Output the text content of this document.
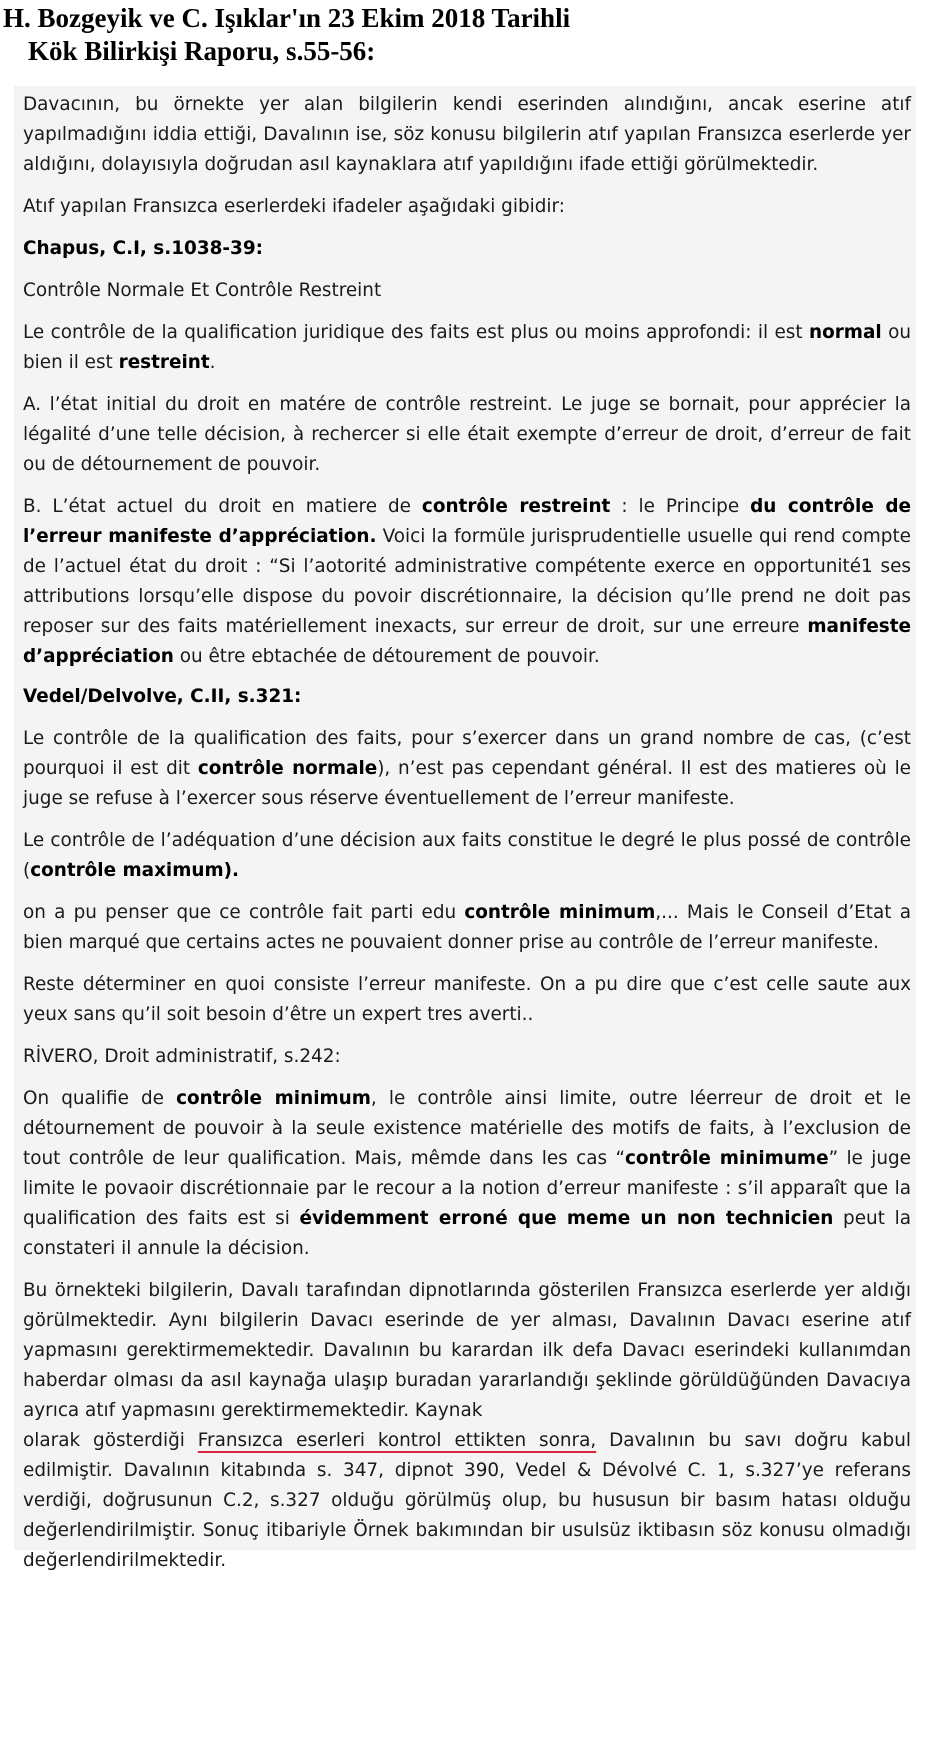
H. Bozgeyik ve C. Işıklar'ın 23 Ekim 2018 Tarihli

Kök Bilirkişi Raporu, s.55-56:

Davacının, bu örnekte yer alan bilgilerin kendi eserinden alındığını, ancak eserine atıf yapılmadığını iddia ettiği, Davalının ise, söz konusu bilgilerin atıf yapılan Fransızca eserlerde yer aldığını, dolayısıyla doğrudan asıl kaynaklara atıf yapıldığını ifade ettiği görülmektedir.

Atıf yapılan Fransızca eserlerdeki ifadeler aşağıdaki gibidir:

Chapus, C.I, s.1038-39:

Contrôle Normale Et Contrôle Restreint

Le contrôle de la qualification juridique des faits est plus ou moins approfondi: il est normal ou bien il est restreint.

A. l’état initial du droit en matére de contrôle restreint. Le juge se bornait, pour apprécier la légalité d’une telle décision, à rechercer si elle était exempte d’erreur de droit, d’erreur de fait ou de détournement de pouvoir.

B. L’état actuel du droit en matiere de contrôle restreint : le Principe du contrôle de l’erreur manifeste d’appréciation. Voici la formüle jurisprudentielle usuelle qui rend compte de l’actuel état du droit : “Si l’aotorité administrative compétente exerce en opportunité1 ses attributions lorsqu’elle dispose du povoir discrétionnaire, la décision qu’lle prend ne doit pas reposer sur des faits matériellement inexacts, sur erreur de droit, sur une erreure manifeste d’appréciation ou être ebtachée de détourement de pouvoir.

Vedel/Delvolve, C.II, s.321:

Le contrôle de la qualification des faits, pour s’exercer dans un grand nombre de cas, (c’est pourquoi il est dit contrôle normale), n’est pas cependant général. Il est des matieres où le juge se refuse à l’exercer sous réserve éventuellement de l’erreur manifeste.

Le contrôle de l’adéquation d’une décision aux faits constitue le degré le plus possé de contrôle (contrôle maximum).

on a pu penser que ce contrôle fait parti edu contrôle minimum,... Mais le Conseil d’Etat a bien marqué que certains actes ne pouvaient donner prise au contrôle de l’erreur manifeste.

Reste déterminer en quoi consiste l’erreur manifeste. On a pu dire que c’est celle saute aux yeux sans qu’il soit besoin d’être un expert tres averti..

RİVERO, Droit administratif, s.242:

On qualifie de contrôle minimum, le contrôle ainsi limite, outre léerreur de droit et le détournement de pouvoir à la seule existence matérielle des motifs de faits, à l’exclusion de tout contrôle de leur qualification. Mais, mêmde dans les cas “contrôle minimume” le juge limite le povaoir discrétionnaie par le recour a la notion d’erreur manifeste : s’il apparaît que la qualification des faits est si évidemment erroné que meme un non technicien peut la constateri il annule la décision.

Bu örnekteki bilgilerin, Davalı tarafından dipnotlarında gösterilen Fransızca eserlerde yer aldığı görülmektedir. Aynı bilgilerin Davacı eserinde de yer alması, Davalının Davacı eserine atıf yapmasını gerektirmemektedir. Davalının bu karardan ilk defa Davacı eserindeki kullanımdan haberdar olması da asıl kaynağa ulaşıp buradan yararlandığı şeklinde görüldüğünden Davacıya ayrıca atıf yapmasını gerektirmemektedir. Kaynak

olarak gösterdiği Fransızca eserleri kontrol ettikten sonra, Davalının bu savı doğru kabul edilmiştir. Davalının kitabında s. 347, dipnot 390, Vedel & Dévolvé C. 1, s.327’ye referans verdiği, doğrusunun C.2, s.327 olduğu görülmüş olup, bu hususun bir basım hatası olduğu değerlendirilmiştir. Sonuç itibariyle Örnek bakımından bir usulsüz iktibasın söz konusu olmadığı değerlendirilmektedir.
